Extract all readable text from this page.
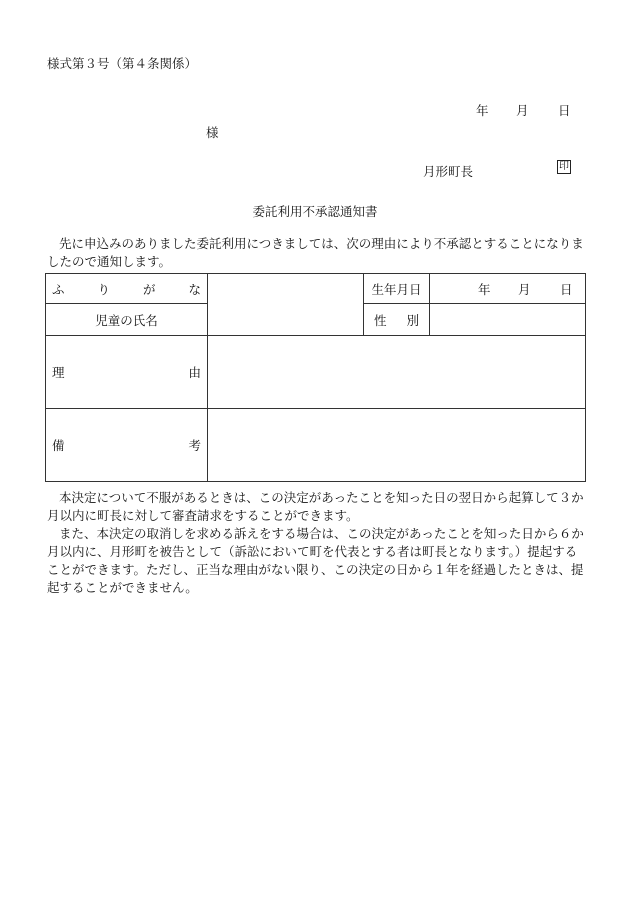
様式第３号（第４条関係）
年 月 日
様
月形町長	印
委託利用不承認通知書
先に申込みのありました委託利用につきましては、次の理由により不承認とすることになりましたので通知します。
ふ り が な		生年月日	年 月 日

児童の氏名		性 別	

理 由			

備 考			

本決定について不服があるときは、この決定があったことを知った日の翌日から起算して３か月以内に町長に対して審査請求をすることができます。

また、本決定の取消しを求める訴えをする場合は、この決定があったことを知った日から６か月以内に、月形町を被告として（訴訟において町を代表とする者は町長となります。）提起することができます。ただし、正当な理由がない限り、この決定の日から１年を経過したときは、提起することができません。
